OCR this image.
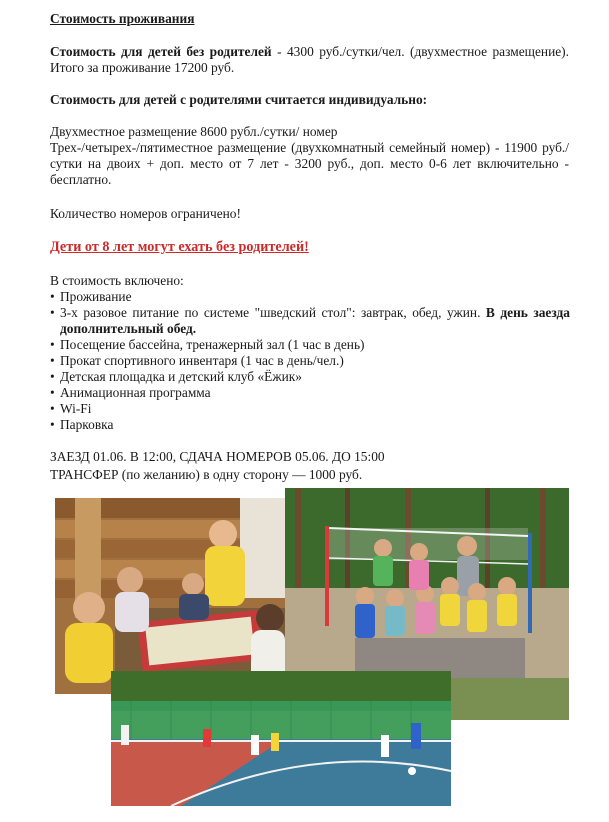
Стоимость проживания
Стоимость для детей без родителей - 4300 руб./сутки/чел. (двухместное размещение). Итого за проживание 17200 руб.
Стоимость для детей с родителями считается индивидуально:
Двухместное размещение 8600 рубл./сутки/ номер
Трех-/четырех-/пятиместное размещение (двухкомнатный семейный номер) - 11900 руб./сутки на двоих + доп. место от 7 лет - 3200 руб., доп. место 0-6 лет включительно - бесплатно.
Количество номеров ограничено!
Дети от 8 лет могут ехать без родителей!
В стоимость включено:
• Проживание
• 3-х разовое питание по системе "шведский стол": завтрак, обед, ужин. В день заезда дополнительный обед.
• Посещение бассейна, тренажерный зал (1 час в день)
• Прокат спортивного инвентаря (1 час в день/чел.)
• Детская площадка и детский клуб «Ёжик»
• Анимационная программа
• Wi-Fi
• Парковка
ЗАЕЗД 01.06. В 12:00, СДАЧА НОМЕРОВ 05.06. ДО 15:00
ТРАНСФЕР (по желанию) в одну сторону — 1000 руб.
